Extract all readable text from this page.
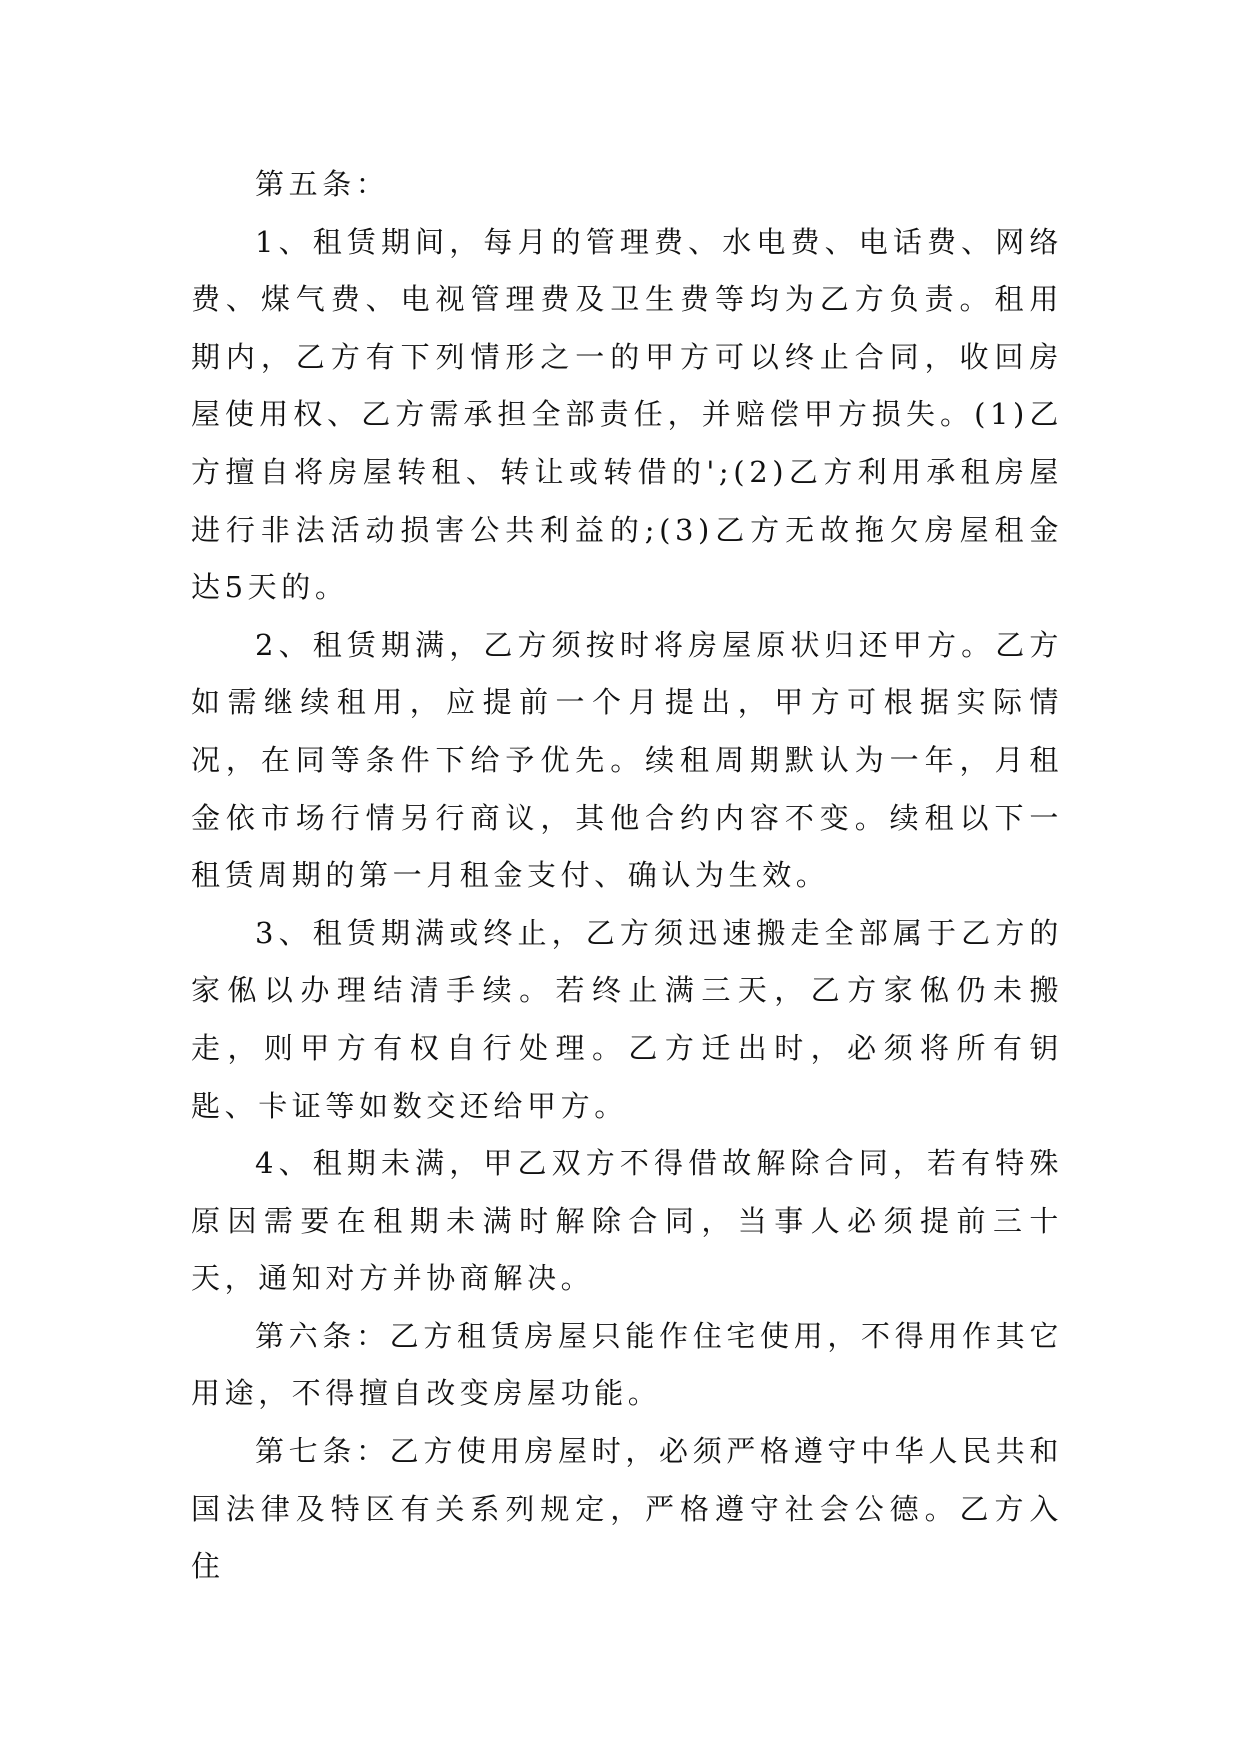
第五条：

1、租赁期间，每月的管理费、水电费、电话费、网络费、煤气费、电视管理费及卫生费等均为乙方负责。租用期内，乙方有下列情形之一的甲方可以终止合同，收回房屋使用权、乙方需承担全部责任，并赔偿甲方损失。(1)乙方擅自将房屋转租、转让或转借的';(2)乙方利用承租房屋进行非法活动损害公共利益的;(3)乙方无故拖欠房屋租金达5天的。

2、租赁期满，乙方须按时将房屋原状归还甲方。乙方如需继续租用，应提前一个月提出，甲方可根据实际情况，在同等条件下给予优先。续租周期默认为一年，月租金依市场行情另行商议，其他合约内容不变。续租以下一租赁周期的第一月租金支付、确认为生效。

3、租赁期满或终止，乙方须迅速搬走全部属于乙方的家俬以办理结清手续。若终止满三天，乙方家俬仍未搬走，则甲方有权自行处理。乙方迁出时，必须将所有钥匙、卡证等如数交还给甲方。

4、租期未满，甲乙双方不得借故解除合同，若有特殊原因需要在租期未满时解除合同，当事人必须提前三十天，通知对方并协商解决。

第六条：乙方租赁房屋只能作住宅使用，不得用作其它用途，不得擅自改变房屋功能。

第七条：乙方使用房屋时，必须严格遵守中华人民共和国法律及特区有关系列规定，严格遵守社会公德。乙方入住
